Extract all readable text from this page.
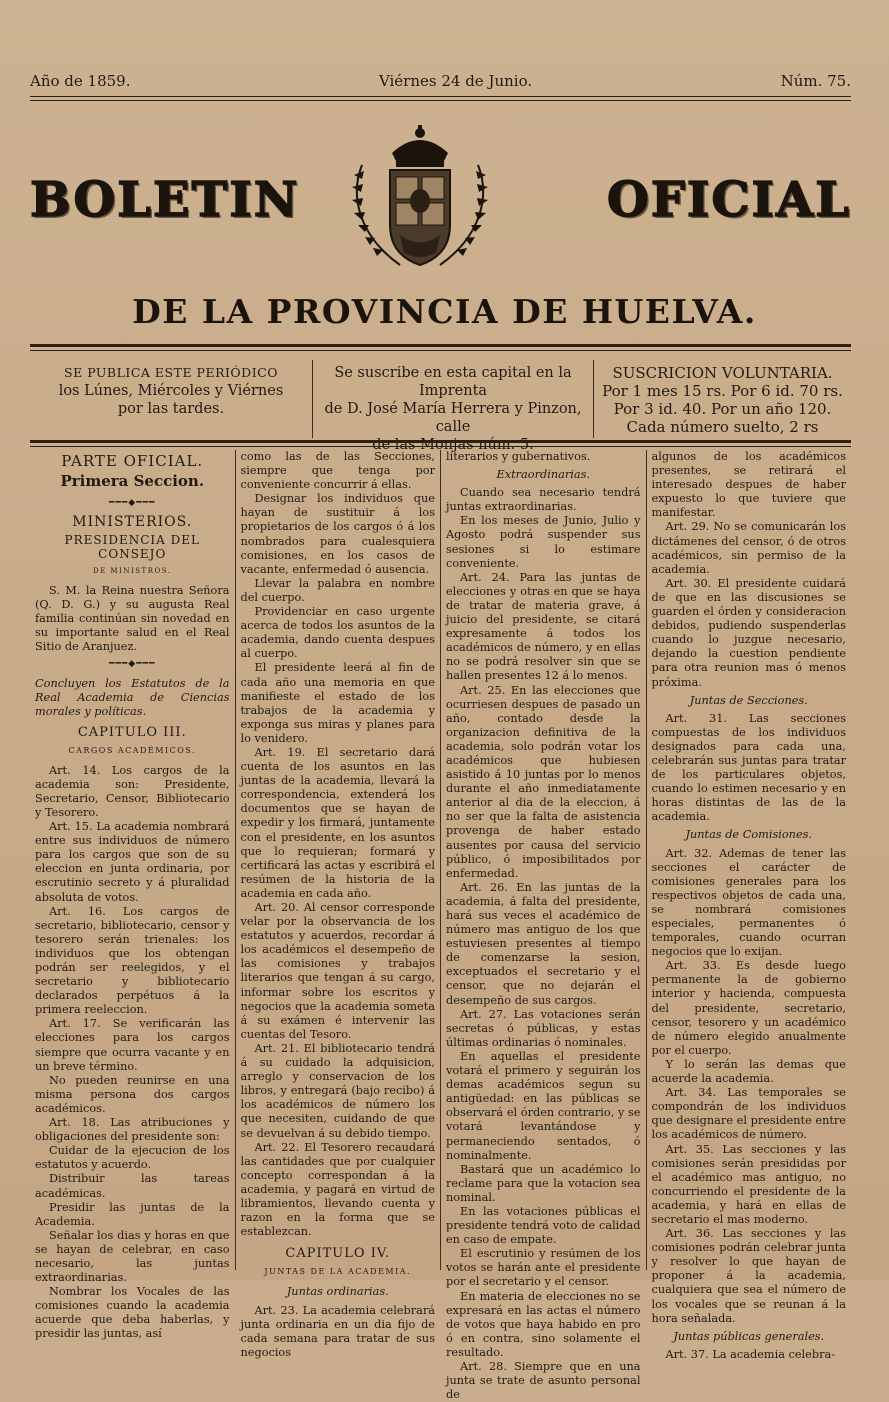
Año de 1859.	Viérnes 24 de Junio.	Núm. 75.
BOLETIN	OFICIAL
DE LA PROVINCIA DE HUELVA.
SE PUBLICA ESTE PERIÓDICO
los Lúnes, Miércoles y Viérnes
por las tardes.
Se suscribe en esta capital en la Imprenta
de D. José María Herrera y Pinzon, calle
de las Monjas núm. 5.
SUSCRICION VOLUNTARIA.
Por 1 mes 15 rs. Por 6 id. 70 rs.
Por 3 id. 40. Por un año 120.
Cada número suelto, 2 rs

PARTE OFICIAL.

Primera Seccion.

━━━◆━━━

MINISTERIOS.

PRESIDENCIA DEL CONSEJO

DE MINISTROS.

S. M. la Reina nuestra Señora (Q. D. G.) y su augusta Real familia continúan sin novedad en su importante salud en el Real Sitio de Aranjuez.

━━━◆━━━

Concluyen los Estatutos de la Real Academia de Ciencias morales y políticas.

CAPITULO III.

CARGOS ACADÉMICOS.

Art. 14. Los cargos de la academia son: Presidente, Secretario, Censor, Bibliotecario y Tesorero.

Art. 15. La academia nombrará entre sus individuos de número para los cargos que son de su eleccion en junta ordinaria, por escrutinio secreto y á pluralidad absoluta de votos.

Art. 16. Los cargos de secretario, bibliotecario, censor y tesorero serán trienales: los individuos que los obtengan podrán ser reelegidos, y el secretario y bibliotecario declarados perpétuos á la primera reeleccion.

Art. 17. Se verificarán las elecciones para los cargos siempre que ocurra vacante y en un breve término.

No pueden reunirse en una misma persona dos cargos académicos.

Art. 18. Las atribuciones y obligaciones del presidente son:

Cuidar de la ejecucion de los estatutos y acuerdo.

Distribuir las tareas académicas.

Presidir las juntas de la Academia.

Señalar los dias y horas en que se hayan de celebrar, en caso necesario, las juntas extraordinarias.

Nombrar los Vocales de las comisiones cuando la academia acuerde que deba haberlas, y presidir las juntas, así

como las de las Secciones, siempre que tenga por conveniente concurrir á ellas.

Designar los individuos que hayan de sustituir á los propietarios de los cargos ó á los nombrados para cualesquiera comisiones, en los casos de vacante, enfermedad ó ausencia.

Llevar la palabra en nombre del cuerpo.

Providenciar en caso urgente acerca de todos los asuntos de la academia, dando cuenta despues al cuerpo.

El presidente leerá al fin de cada año una memoria en que manifieste el estado de los trabajos de la academia y exponga sus miras y planes para lo venidero.

Art. 19. El secretario dará cuenta de los asuntos en las juntas de la academia, llevará la correspondencia, extenderá los documentos que se hayan de expedir y los firmará, juntamente con el presidente, en los asuntos que lo requieran; formará y certificará las actas y escribirá el resúmen de la historia de la academia en cada año.

Art. 20. Al censor corresponde velar por la observancia de los estatutos y acuerdos, recordar á los académicos el desempeño de las comisiones y trabajos literarios que tengan á su cargo, informar sobre los escritos y negocios que la academia someta á su exámen é intervenir las cuentas del Tesoro.

Art. 21. El bibliotecario tendrá á su cuidado la adquisicion, arreglo y conservacion de los libros, y entregará (bajo recibo) á los académicos de número los que necesiten, cuidando de que se devuelvan á su debido tiempo.

Art. 22. El Tesorero recaudará las cantidades que por cualquier concepto correspondan á la academia, y pagará en virtud de libramientos, llevando cuenta y razon en la forma que se establezcan.

CAPITULO IV.

JUNTAS DE LA ACADEMIA.

Juntas ordinarias.

Art. 23. La academia celebrará junta ordinaria en un dia fijo de cada semana para tratar de sus negocios

literarios y gubernativos.

Extraordinarias.

Cuando sea necesario tendrá juntas extraordinarias.

En los meses de Junio, Julio y Agosto podrá suspender sus sesiones si lo estimare conveniente.

Art. 24. Para las juntas de elecciones y otras en que se haya de tratar de materia grave, á juicio del presidente, se citará expresamente á todos los académicos de número, y en ellas no se podrá resolver sin que se hallen presentes 12 á lo menos.

Art. 25. En las elecciones que ocurriesen despues de pasado un año, contado desde la organizacion definitiva de la academia, solo podrán votar los académicos que hubiesen asistido á 10 juntas por lo menos durante el año inmediatamente anterior al dia de la eleccion, á no ser que la falta de asistencia provenga de haber estado ausentes por causa del servicio público, ó imposibilitados por enfermedad.

Art. 26. En las juntas de la academia, á falta del presidente, hará sus veces el académico de número mas antiguo de los que estuviesen presentes al tiempo de comenzarse la sesion, exceptuados el secretario y el censor, que no dejarán el desempeño de sus cargos.

Art. 27. Las votaciones serán secretas ó públicas, y estas últimas ordinarias ó nominales.

En aquellas el presidente votará el primero y seguirán los demas académicos segun su antigüedad: en las públicas se observará el órden contrario, y se votará levantándose y permaneciendo sentados, ó nominalmente.

Bastará que un académico lo reclame para que la votacion sea nominal.

En las votaciones públicas el presidente tendrá voto de calidad en caso de empate.

El escrutinio y resúmen de los votos se harán ante el presidente por el secretario y el censor.

En materia de elecciones no se expresará en las actas el número de votos que haya habido en pro ó en contra, sino solamente el resultado.

Art. 28. Siempre que en una junta se trate de asunto personal de

algunos de los académicos presentes, se retirará el interesado despues de haber expuesto lo que tuviere que manifestar.

Art. 29. No se comunicarán los dictámenes del censor, ó de otros académicos, sin permiso de la academia.

Art. 30. El presidente cuidará de que en las discusiones se guarden el órden y consideracion debidos, pudiendo suspenderlas cuando lo juzgue necesario, dejando la cuestion pendiente para otra reunion mas ó menos próxima.

Juntas de Secciones.

Art. 31. Las secciones compuestas de los individuos designados para cada una, celebrarán sus juntas para tratar de los particulares objetos, cuando lo estimen necesario y en horas distintas de las de la academia.

Juntas de Comisiones.

Art. 32. Ademas de tener las secciones el carácter de comisiones generales para los respectivos objetos de cada una, se nombrará comisiones especiales, permanentes ó temporales, cuando ocurran negocios que lo exijan.

Art. 33. Es desde luego permanente la de gobierno interior y hacienda, compuesta del presidente, secretario, censor, tesorero y un académico de número elegido anualmente por el cuerpo.

Y lo serán las demas que acuerde la academia.

Art. 34. Las temporales se compondrán de los individuos que designare el presidente entre los académicos de número.

Art. 35. Las secciones y las comisiones serán presididas por el académico mas antiguo, no concurriendo el presidente de la academia, y hará en ellas de secretario el mas moderno.

Art. 36. Las secciones y las comisiones podrán celebrar junta y resolver lo que hayan de proponer á la academia, cualquiera que sea el número de los vocales que se reunan á la hora señalada.

Juntas públicas generales.

Art. 37. La academia celebra-
